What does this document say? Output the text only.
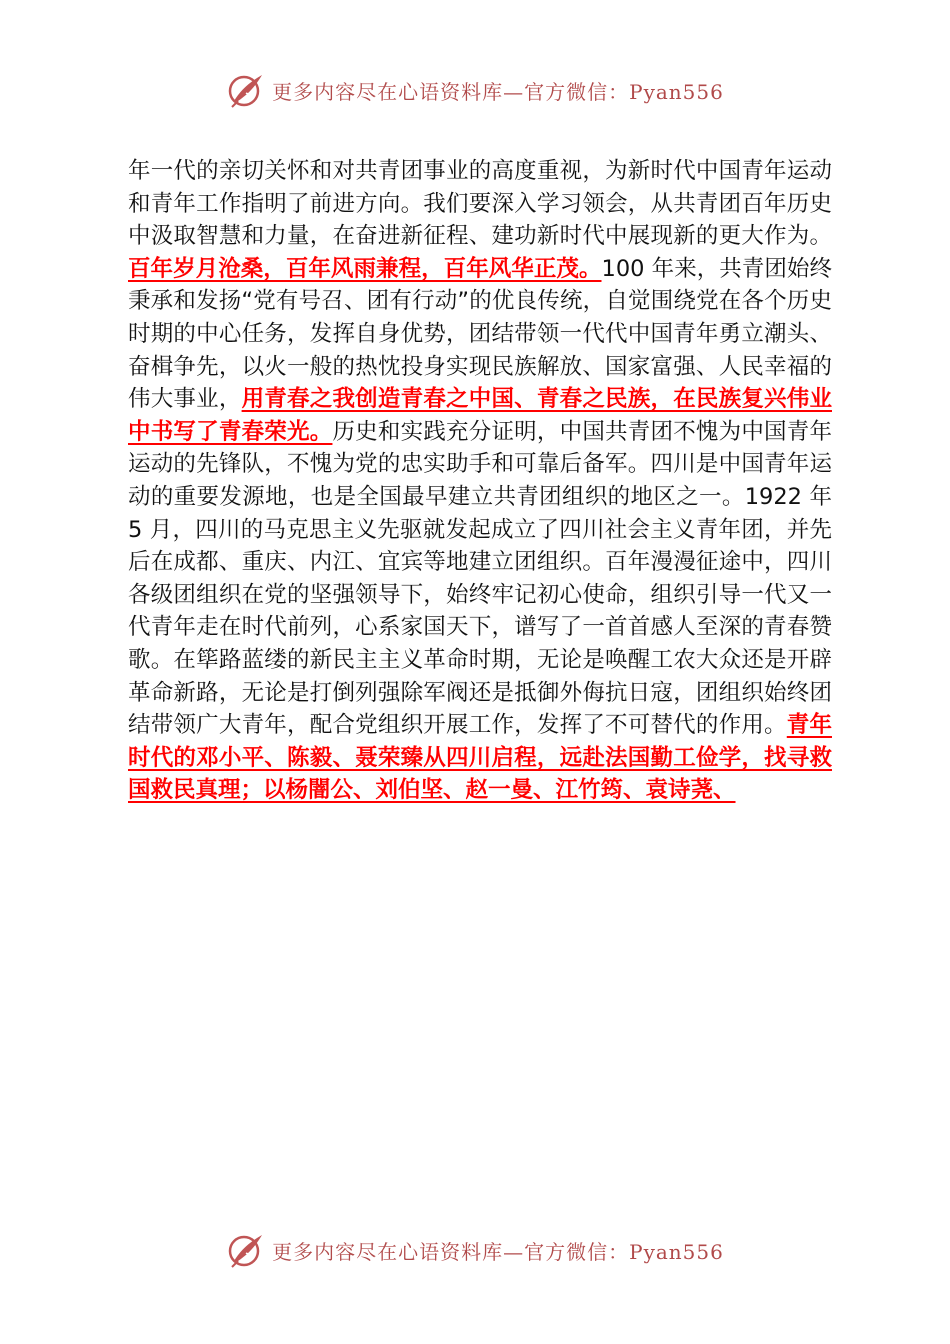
更多内容尽在心语资料库—官方微信：Pyan556
年一代的亲切关怀和对共青团事业的高度重视，为新时代中国青年运动和青年工作指明了前进方向。我们要深入学习领会，从共青团百年历史中汲取智慧和力量，在奋进新征程、建功新时代中展现新的更大作为。百年岁月沧桑，百年风雨兼程，百年风华正茂。100 年来，共青团始终秉承和发扬“党有号召、团有行动”的优良传统，自觉围绕党在各个历史时期的中心任务，发挥自身优势，团结带领一代代中国青年勇立潮头、奋楫争先，以火一般的热忱投身实现民族解放、国家富强、人民幸福的伟大事业，用青春之我创造青春之中国、青春之民族，在民族复兴伟业中书写了青春荣光。历史和实践充分证明，中国共青团不愧为中国青年运动的先锋队，不愧为党的忠实助手和可靠后备军。四川是中国青年运动的重要发源地，也是全国最早建立共青团组织的地区之一。1922 年 5 月，四川的马克思主义先驱就发起成立了四川社会主义青年团，并先后在成都、重庆、内江、宜宾等地建立团组织。百年漫漫征途中，四川各级团组织在党的坚强领导下，始终牢记初心使命，组织引导一代又一代青年走在时代前列，心系家国天下，谱写了一首首感人至深的青春赞歌。在筚路蓝缕的新民主主义革命时期，无论是唤醒工农大众还是开辟革命新路，无论是打倒列强除军阀还是抵御外侮抗日寇，团组织始终团结带领广大青年，配合党组织开展工作，发挥了不可替代的作用。青年时代的邓小平、陈毅、聂荣臻从四川启程，远赴法国勤工俭学，找寻救国救民真理；以杨闇公、刘伯坚、赵一曼、江竹筠、袁诗荛、
更多内容尽在心语资料库—官方微信：Pyan556
